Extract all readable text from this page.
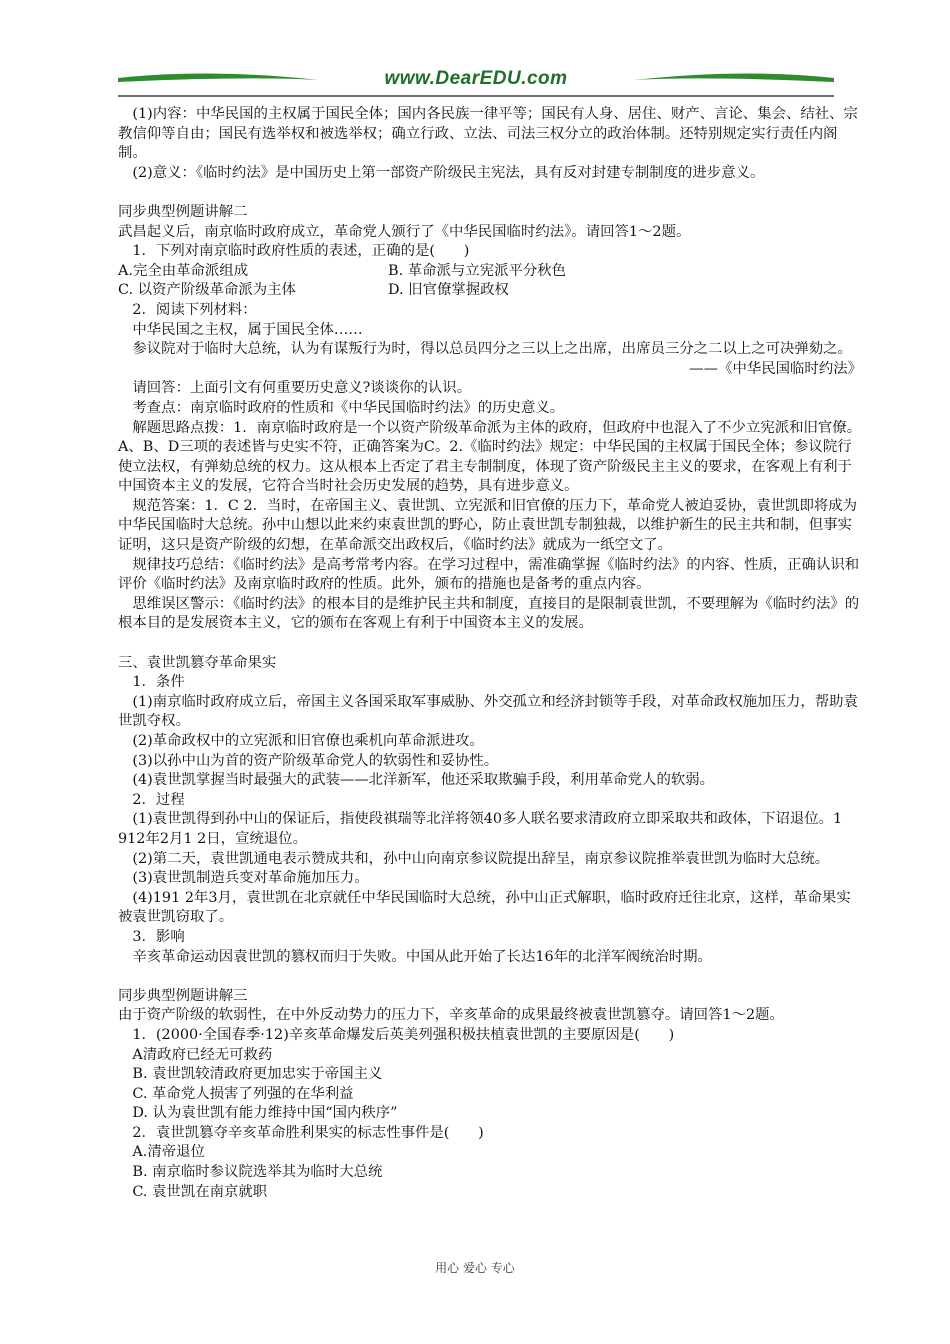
www.DearEDU.com

(1)内容：中华民国的主权属于国民全体；国内各民族一律平等；国民有人身、居住、财产、言论、集会、结社、宗教信仰等自由；国民有选举权和被选举权；确立行政、立法、司法三权分立的政治体制。还特别规定实行责任内阁制。

(2)意义：《临时约法》是中国历史上第一部资产阶级民主宪法，具有反对封建专制制度的进步意义。

同步典型例题讲解二

武昌起义后，南京临时政府成立，革命党人颁行了《中华民国临时约法》。请回答1～2题。

1．下列对南京临时政府性质的表述，正确的是(　　)

A.完全由革命派组成	B. 革命派与立宪派平分秋色
C. 以资产阶级革命派为主体	D. 旧官僚掌握政权

2．阅读下列材料：

中华民国之主权，属于国民全体……

参议院对于临时大总统，认为有谋叛行为时，得以总员四分之三以上之出席，出席员三分之二以上之可决弹劾之。

——《中华民国临时约法》

请回答：上面引文有何重要历史意义?谈谈你的认识。

考查点：南京临时政府的性质和《中华民国临时约法》的历史意义。

解题思路点拨：1．南京临时政府是一个以资产阶级革命派为主体的政府，但政府中也混入了不少立宪派和旧官僚。A、B、D三项的表述皆与史实不符，正确答案为C。2.《临时约法》规定：中华民国的主权属于国民全体；参议院行使立法权，有弹劾总统的权力。这从根本上否定了君主专制制度，体现了资产阶级民主主义的要求，在客观上有利于中国资本主义的发展，它符合当时社会历史发展的趋势，具有进步意义。

规范答案：1．C 2．当时，在帝国主义、袁世凯、立宪派和旧官僚的压力下，革命党人被迫妥协，袁世凯即将成为中华民国临时大总统。孙中山想以此来约束袁世凯的野心，防止袁世凯专制独裁，以维护新生的民主共和制，但事实证明，这只是资产阶级的幻想，在革命派交出政权后，《临时约法》就成为一纸空文了。

规律技巧总结：《临时约法》是高考常考内容。在学习过程中，需准确掌握《临时约法》的内容、性质，正确认识和评价《临时约法》及南京临时政府的性质。此外，颁布的措施也是备考的重点内容。

思维误区警示：《临时约法》的根本目的是维护民主共和制度，直接目的是限制袁世凯，不要理解为《临时约法》的根本目的是发展资本主义，它的颁布在客观上有利于中国资本主义的发展。

三、袁世凯篡夺革命果实

1．条件

(1)南京临时政府成立后，帝国主义各国采取军事威胁、外交孤立和经济封锁等手段，对革命政权施加压力，帮助袁世凯夺权。

(2)革命政权中的立宪派和旧官僚也乘机向革命派进攻。

(3)以孙中山为首的资产阶级革命党人的软弱性和妥协性。

(4)袁世凯掌握当时最强大的武装——北洋新军，他还采取欺骗手段，利用革命党人的软弱。

2．过程

(1)袁世凯得到孙中山的保证后，指使段祺瑞等北洋将领40多人联名要求清政府立即采取共和政体，下诏退位。1 912年2月1 2日，宣统退位。

(2)第二天，袁世凯通电表示赞成共和，孙中山向南京参议院提出辞呈，南京参议院推举袁世凯为临时大总统。

(3)袁世凯制造兵变对革命施加压力。

(4)191 2年3月，袁世凯在北京就任中华民国临时大总统，孙中山正式解职，临时政府迁往北京，这样，革命果实被袁世凯窃取了。

3．影响

辛亥革命运动因袁世凯的篡权而归于失败。中国从此开始了长达16年的北洋军阀统治时期。

同步典型例题讲解三

由于资产阶级的软弱性，在中外反动势力的压力下，辛亥革命的成果最终被袁世凯篡夺。请回答1～2题。

1．(2000·全国春季·12)辛亥革命爆发后英美列强积极扶植袁世凯的主要原因是(　　)

A清政府已经无可救药

B. 袁世凯较清政府更加忠实于帝国主义

C. 革命党人损害了列强的在华利益

D. 认为袁世凯有能力维持中国“国内秩序”

2．袁世凯篡夺辛亥革命胜利果实的标志性事件是(　　)

A.清帝退位

B. 南京临时参议院选举其为临时大总统

C. 袁世凯在南京就职

用心 爱心 专心
